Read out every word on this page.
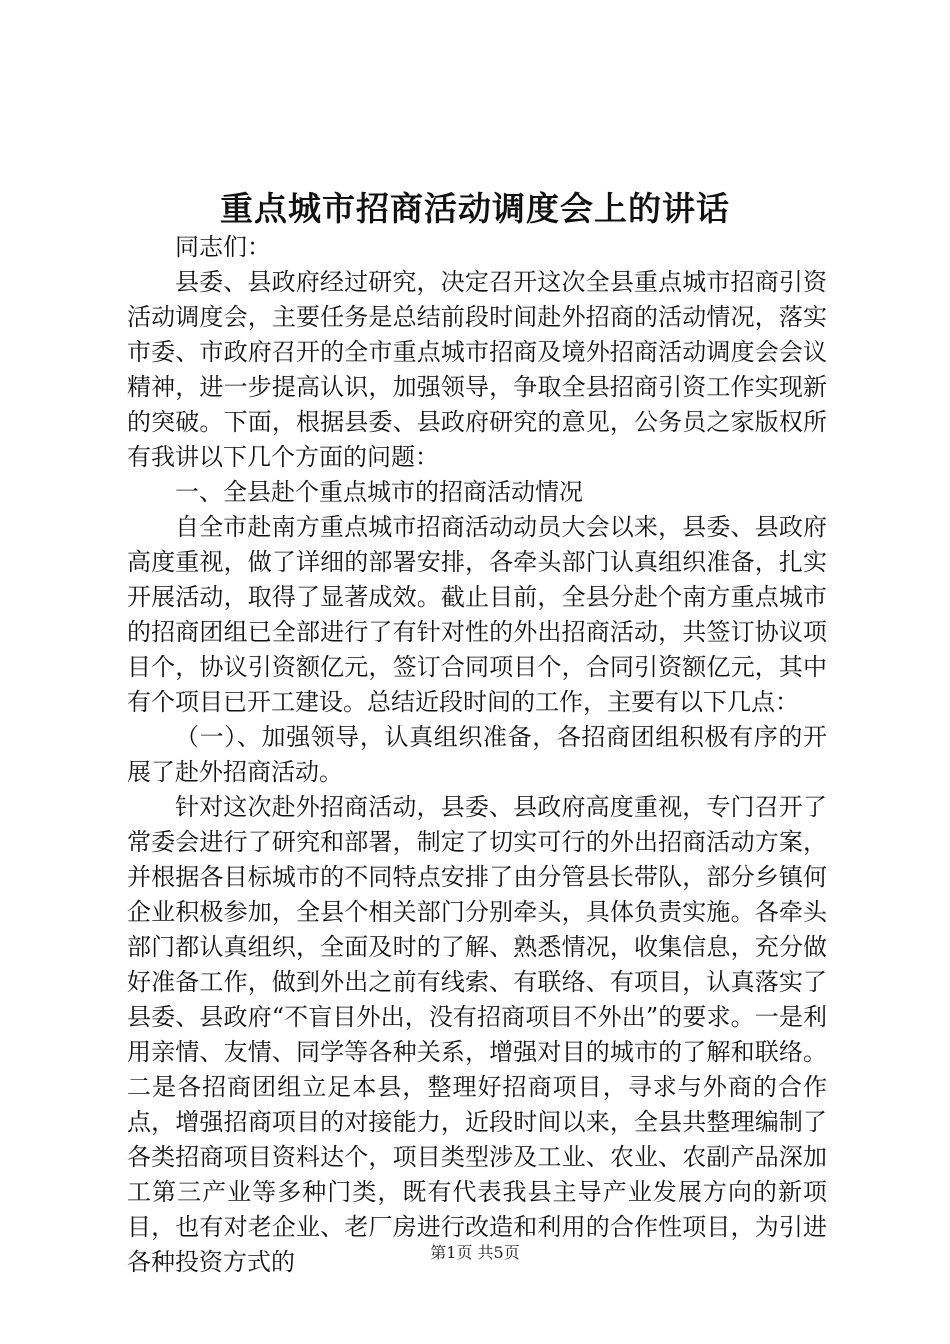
重点城市招商活动调度会上的讲话

同志们：

县委、县政府经过研究，决定召开这次全县重点城市招商引资活动调度会，主要任务是总结前段时间赴外招商的活动情况，落实市委、市政府召开的全市重点城市招商及境外招商活动调度会会议精神，进一步提高认识，加强领导，争取全县招商引资工作实现新的突破。下面，根据县委、县政府研究的意见，公务员之家版权所有我讲以下几个方面的问题：

一、全县赴个重点城市的招商活动情况

自全市赴南方重点城市招商活动动员大会以来，县委、县政府高度重视，做了详细的部署安排，各牵头部门认真组织准备，扎实开展活动，取得了显著成效。截止目前，全县分赴个南方重点城市的招商团组已全部进行了有针对性的外出招商活动，共签订协议项目个，协议引资额亿元，签订合同项目个，合同引资额亿元，其中有个项目已开工建设。总结近段时间的工作，主要有以下几点：

（一）、加强领导，认真组织准备，各招商团组积极有序的开展了赴外招商活动。

针对这次赴外招商活动，县委、县政府高度重视，专门召开了常委会进行了研究和部署，制定了切实可行的外出招商活动方案，并根据各目标城市的不同特点安排了由分管县长带队，部分乡镇何企业积极参加，全县个相关部门分别牵头，具体负责实施。各牵头部门都认真组织，全面及时的了解、熟悉情况，收集信息，充分做好准备工作，做到外出之前有线索、有联络、有项目，认真落实了县委、县政府“不盲目外出，没有招商项目不外出”的要求。一是利用亲情、友情、同学等各种关系，增强对目的城市的了解和联络。二是各招商团组立足本县，整理好招商项目，寻求与外商的合作点，增强招商项目的对接能力，近段时间以来，全县共整理编制了各类招商项目资料达个，项目类型涉及工业、农业、农副产品深加工第三产业等多种门类，既有代表我县主导产业发展方向的新项目，也有对老企业、老厂房进行改造和利用的合作性项目，为引进各种投资方式的	第1页 共5页
